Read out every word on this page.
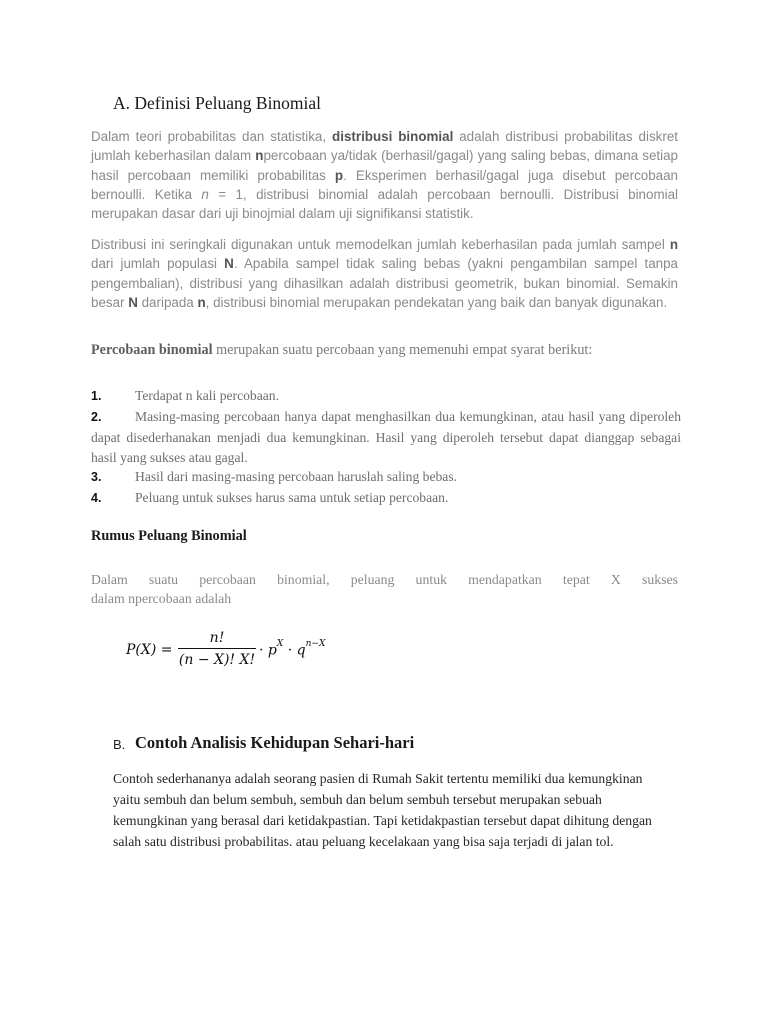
A. Definisi Peluang Binomial

Dalam teori probabilitas dan statistika, distribusi binomial adalah distribusi probabilitas diskret jumlah keberhasilan dalam npercobaan ya/tidak (berhasil/gagal) yang saling bebas, dimana setiap hasil percobaan memiliki probabilitas p. Eksperimen berhasil/gagal juga disebut percobaan bernoulli. Ketika n = 1, distribusi binomial adalah percobaan bernoulli. Distribusi binomial merupakan dasar dari uji binojmial dalam uji signifikansi statistik.

Distribusi ini seringkali digunakan untuk memodelkan jumlah keberhasilan pada jumlah sampel n dari jumlah populasi N. Apabila sampel tidak saling bebas (yakni pengambilan sampel tanpa pengembalian), distribusi yang dihasilkan adalah distribusi geometrik, bukan binomial. Semakin besar N daripada n, distribusi binomial merupakan pendekatan yang baik dan banyak digunakan.

Percobaan binomial merupakan suatu percobaan yang memenuhi empat syarat berikut:

1.	Terdapat n kali percobaan.
2.	Masing-masing percobaan hanya dapat menghasilkan dua kemungkinan, atau hasil yang diperoleh dapat disederhanakan menjadi dua kemungkinan. Hasil yang diperoleh tersebut dapat dianggap sebagai hasil yang sukses atau gagal.
3.	Hasil dari masing-masing percobaan haruslah saling bebas.
4.	Peluang untuk sukses harus sama untuk setiap percobaan.
Rumus Peluang Binomial

Dalam suatu percobaan binomial, peluang untuk mendapatkan tepat X sukses

dalam npercobaan adalah

P(X) =
n!
(n − X)! X!
· $p^X \cdot q^{n-X}$
B. Contoh Analisis Kehidupan Sehari-hari

Contoh sederhananya adalah seorang pasien di Rumah Sakit tertentu memiliki dua kemungkinan yaitu sembuh dan belum sembuh, sembuh dan belum sembuh tersebut merupakan sebuah kemungkinan yang berasal dari ketidakpastian. Tapi ketidakpastian tersebut dapat dihitung dengan salah satu distribusi probabilitas. atau peluang kecelakaan yang bisa saja terjadi di jalan tol.
